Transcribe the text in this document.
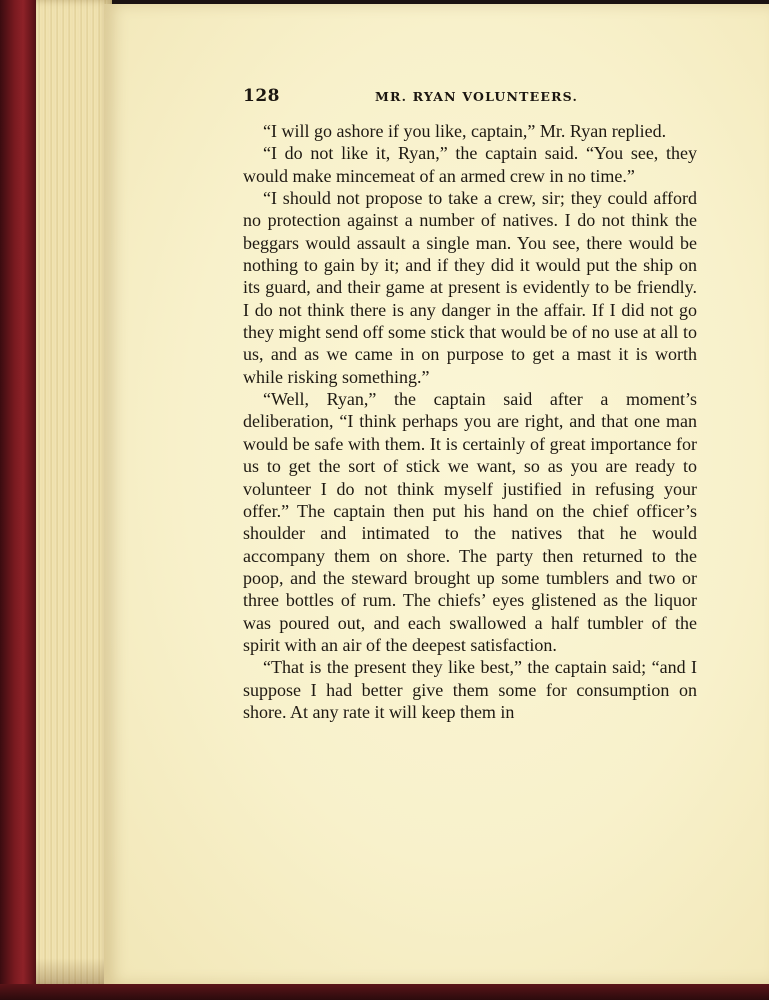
128	MR. RYAN VOLUNTEERS.

“I will go ashore if you like, captain,” Mr. Ryan replied.

“I do not like it, Ryan,” the captain said. “You see, they would make mincemeat of an armed crew in no time.”

“I should not propose to take a crew, sir; they could afford no protection against a number of natives. I do not think the beggars would assault a single man. You see, there would be nothing to gain by it; and if they did it would put the ship on its guard, and their game at present is evidently to be friendly. I do not think there is any danger in the affair. If I did not go they might send off some stick that would be of no use at all to us, and as we came in on purpose to get a mast it is worth while risking something.”

“Well, Ryan,” the captain said after a moment’s deliberation, “I think perhaps you are right, and that one man would be safe with them. It is certainly of great importance for us to get the sort of stick we want, so as you are ready to volunteer I do not think myself justified in refusing your offer.” The captain then put his hand on the chief officer’s shoulder and intimated to the natives that he would accompany them on shore. The party then returned to the poop, and the steward brought up some tumblers and two or three bottles of rum. The chiefs’ eyes glistened as the liquor was poured out, and each swallowed a half tumbler of the spirit with an air of the deepest satisfaction.

“That is the present they like best,” the captain said; “and I suppose I had better give them some for consumption on shore. At any rate it will keep them in
